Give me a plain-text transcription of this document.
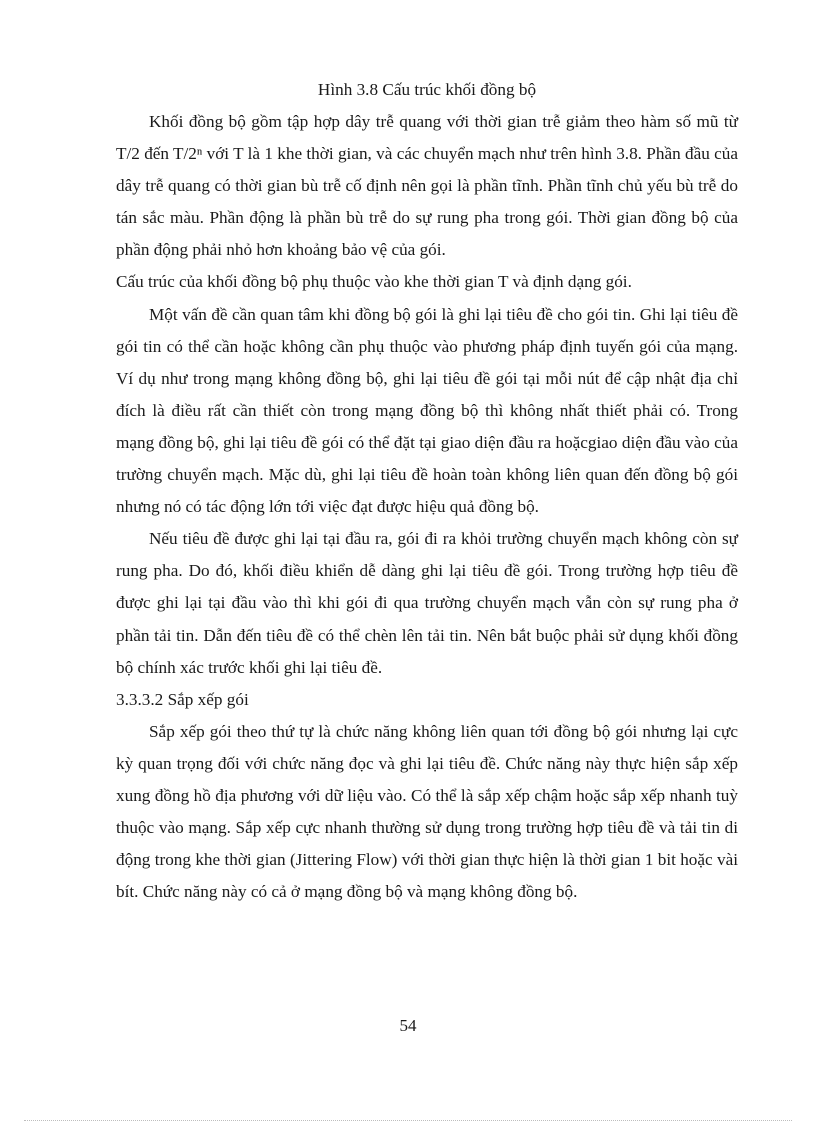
Hình 3.8 Cấu trúc khối đồng bộ

Khối đồng bộ gồm tập hợp dây trễ quang với thời gian trễ giảm theo hàm số mũ từ T/2 đến T/2ⁿ với T là 1 khe thời gian, và các chuyển mạch như trên hình 3.8. Phần đầu của dây trễ quang có thời gian bù trễ cố định nên gọi là phần tĩnh. Phần tĩnh chủ yếu bù trễ do tán sắc màu. Phần động là phần bù trễ do sự rung pha trong gói. Thời gian đồng bộ của phần động phải nhỏ hơn khoảng bảo vệ của gói.

Cấu trúc của khối đồng bộ phụ thuộc vào khe thời gian T và định dạng gói.

Một vấn đề cần quan tâm khi đồng bộ gói là ghi lại tiêu đề cho gói tin. Ghi lại tiêu đề gói tin có thể cần hoặc không cần phụ thuộc vào phương pháp định tuyến gói của mạng. Ví dụ như trong mạng không đồng bộ, ghi lại tiêu đề gói tại mỗi nút để cập nhật địa chỉ đích là điều rất cần thiết còn trong mạng đồng bộ thì không nhất thiết phải có. Trong mạng đồng bộ, ghi lại tiêu đề gói có thể đặt tại giao diện đầu ra hoặcgiao diện đầu vào của trường chuyển mạch. Mặc dù, ghi lại tiêu đề hoàn toàn không liên quan đến đồng bộ gói nhưng nó có tác động lớn tới việc đạt được hiệu quả đồng bộ.

Nếu tiêu đề được ghi lại tại đầu ra, gói đi ra khỏi trường chuyển mạch không còn sự rung pha. Do đó, khối điều khiển dễ dàng ghi lại tiêu đề gói. Trong trường hợp tiêu đề được ghi lại tại đầu vào thì khi gói đi qua trường chuyển mạch vẫn còn sự rung pha ở phần tải tin. Dẫn đến tiêu đề có thể chèn lên tải tin. Nên bắt buộc phải sử dụng khối đồng bộ chính xác trước khối ghi lại tiêu đề.

3.3.3.2 Sắp xếp gói

Sắp xếp gói theo thứ tự là chức năng không liên quan tới đồng bộ gói nhưng lại cực kỳ quan trọng đối với chức năng đọc và ghi lại tiêu đề. Chức năng này thực hiện sắp xếp xung đồng hồ địa phương với dữ liệu vào. Có thể là sắp xếp chậm hoặc sắp xếp nhanh tuỳ thuộc vào mạng. Sắp xếp cực nhanh thường sử dụng trong trường hợp tiêu đề và tải tin di động trong khe thời gian (Jittering Flow) với thời gian thực hiện là thời gian 1 bit hoặc vài bít. Chức năng này có cả ở mạng đồng bộ và mạng không đồng bộ.

54
